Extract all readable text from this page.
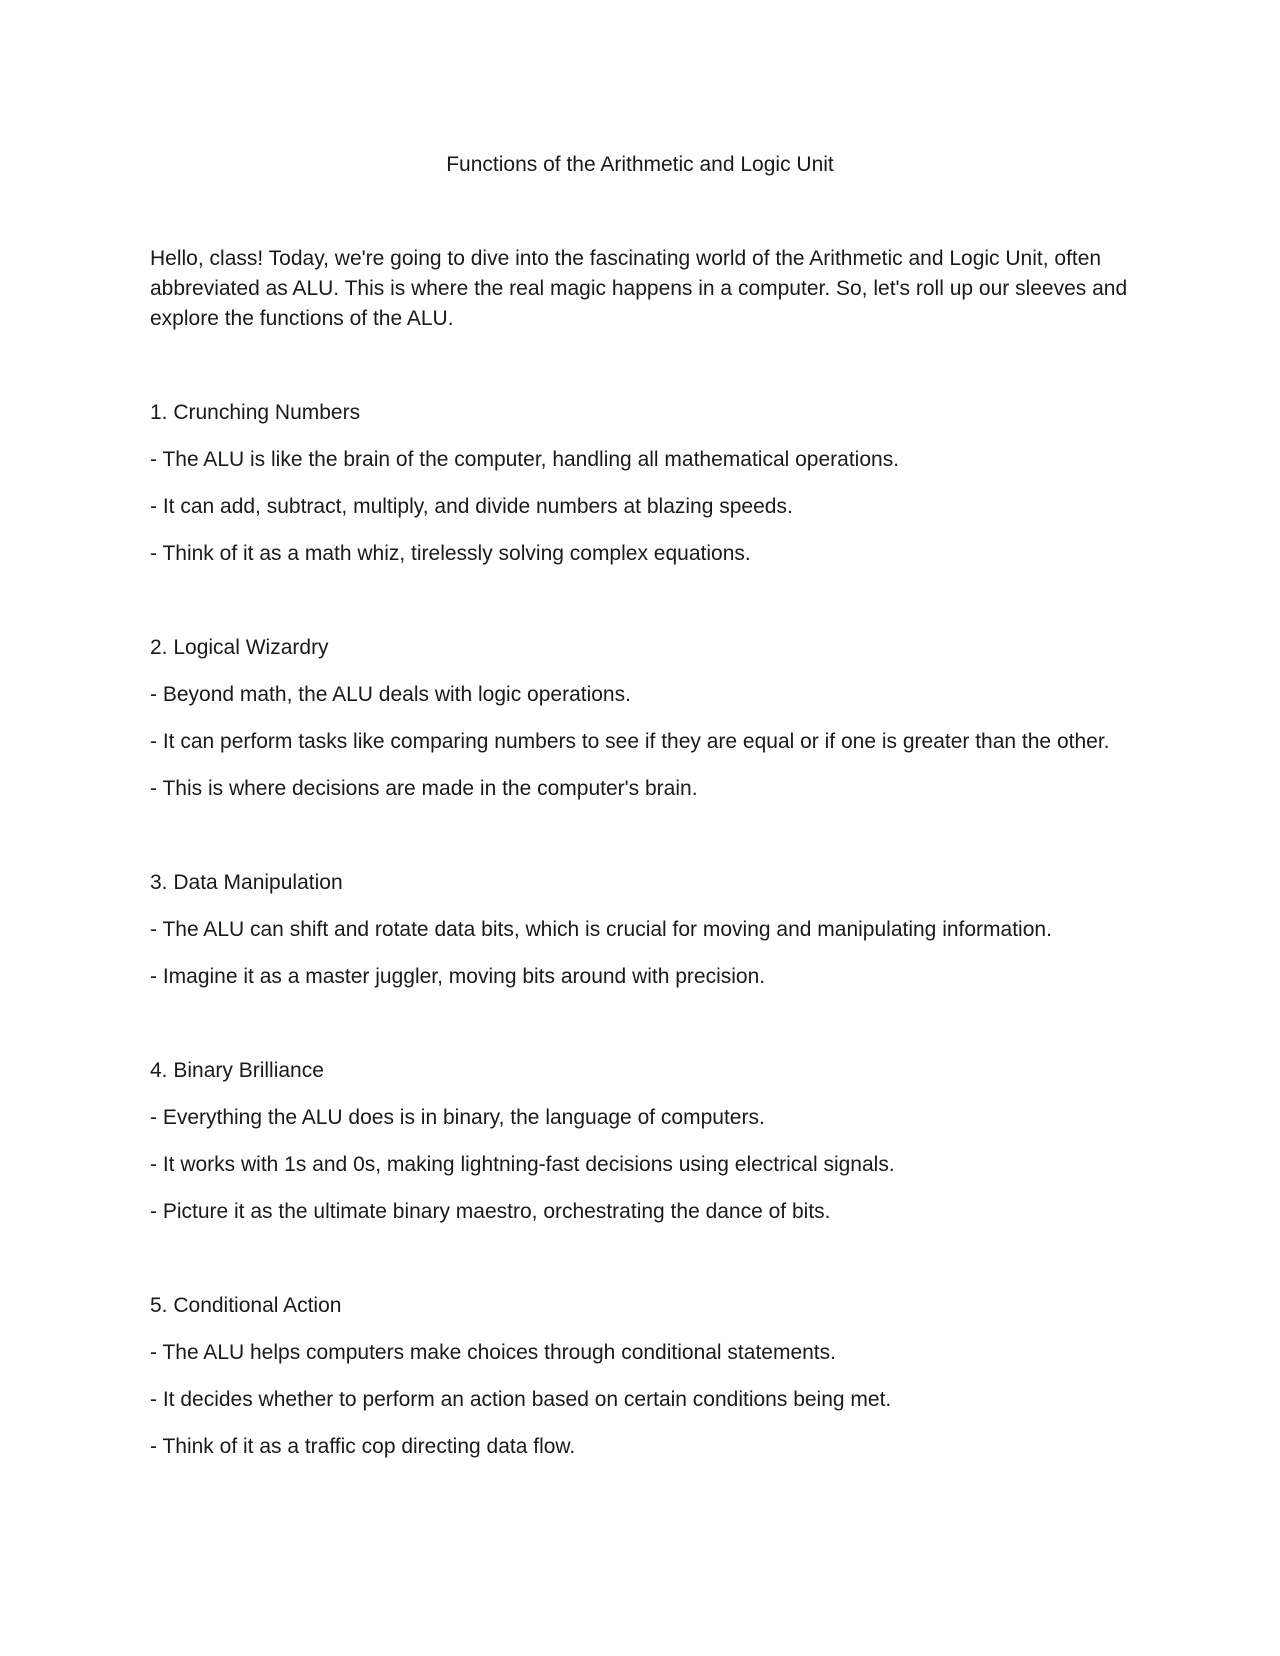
Functions of the Arithmetic and Logic Unit

Hello, class! Today, we're going to dive into the fascinating world of the Arithmetic and Logic Unit, often abbreviated as ALU. This is where the real magic happens in a computer. So, let's roll up our sleeves and explore the functions of the ALU.

1. Crunching Numbers

- The ALU is like the brain of the computer, handling all mathematical operations.

- It can add, subtract, multiply, and divide numbers at blazing speeds.

- Think of it as a math whiz, tirelessly solving complex equations.

2. Logical Wizardry

- Beyond math, the ALU deals with logic operations.

- It can perform tasks like comparing numbers to see if they are equal or if one is greater than the other.

- This is where decisions are made in the computer's brain.

3. Data Manipulation

- The ALU can shift and rotate data bits, which is crucial for moving and manipulating information.

- Imagine it as a master juggler, moving bits around with precision.

4. Binary Brilliance

- Everything the ALU does is in binary, the language of computers.

- It works with 1s and 0s, making lightning-fast decisions using electrical signals.

- Picture it as the ultimate binary maestro, orchestrating the dance of bits.

5. Conditional Action

- The ALU helps computers make choices through conditional statements.

- It decides whether to perform an action based on certain conditions being met.

- Think of it as a traffic cop directing data flow.
